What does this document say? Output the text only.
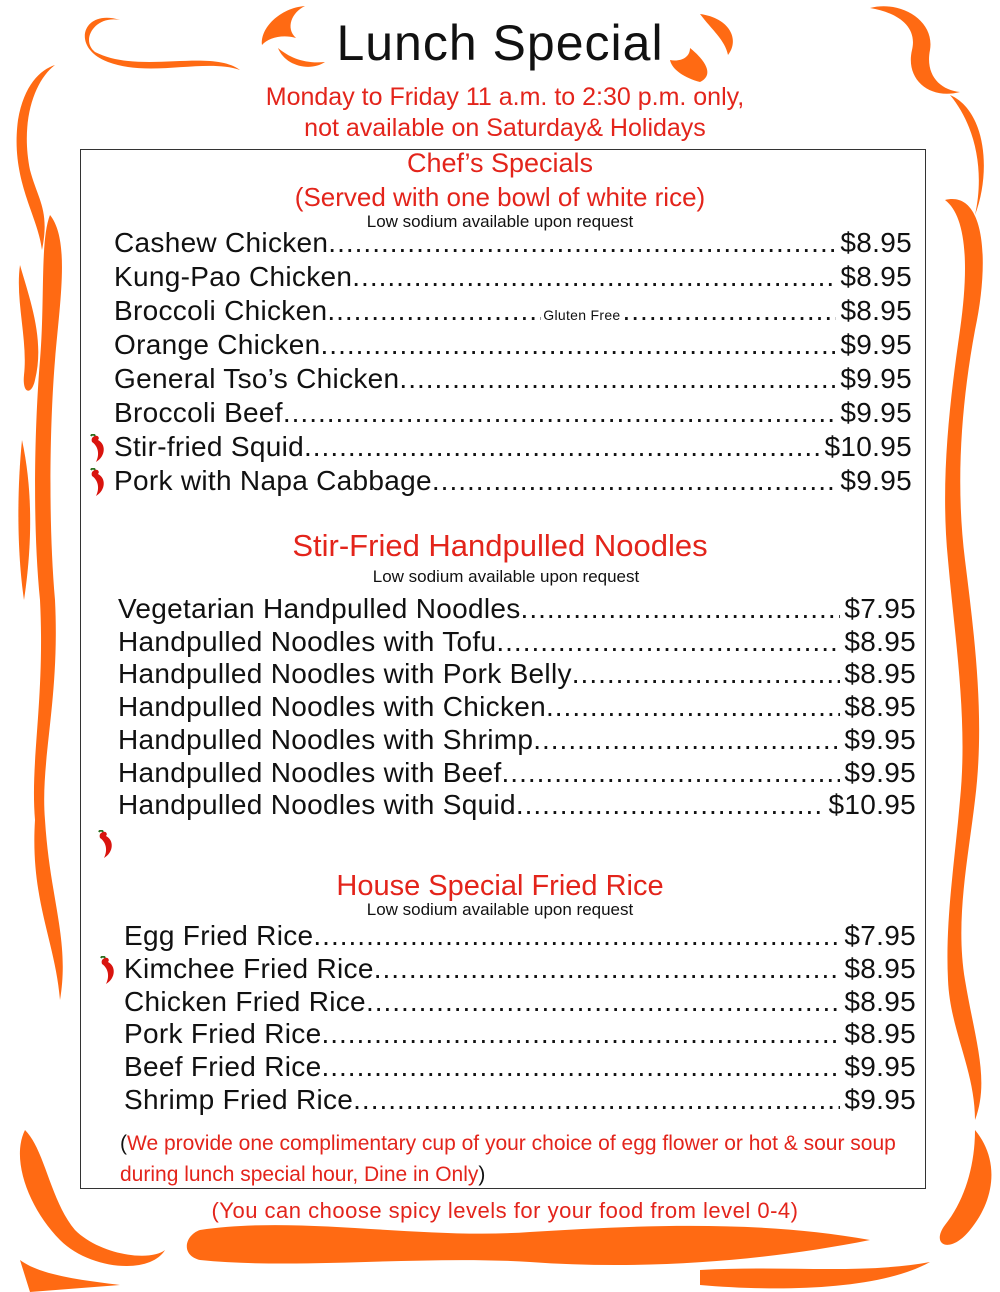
Lunch Special
Monday to Friday 11 a.m. to 2:30 p.m. only,
not available on Saturday& Holidays
Chef’s Specials
(Served with one bowl of white rice)
Low sodium available upon request
Cashew Chicken .....	$8.95
Kung-Pao Chicken .....	$8.95
Broccoli Chicken .....	Gluten Free .....	$8.95
Orange Chicken .....	$9.95
General Tso’s Chicken .....	$9.95
Broccoli Beef .....	$9.95
Stir-fried Squid .....	$10.95
Pork with Napa Cabbage .....	$9.95
Stir-Fried Handpulled Noodles
Low sodium available upon request
Vegetarian Handpulled Noodles .....	$7.95
Handpulled Noodles with Tofu .....	$8.95
Handpulled Noodles with Pork Belly .....	$8.95
Handpulled Noodles with Chicken .....	$8.95
Handpulled Noodles with Shrimp .....	$9.95
Handpulled Noodles with Beef .....	$9.95
Handpulled Noodles with Squid .....	$10.95
House Special Fried Rice
Low sodium available upon request
Egg Fried Rice .....	$7.95
Kimchee Fried Rice .....	$8.95
Chicken Fried Rice .....	$8.95
Pork Fried Rice .....	$8.95
Beef Fried Rice .....	$9.95
Shrimp Fried Rice .....	$9.95
(We provide one complimentary cup of your choice of egg flower or hot & sour soup during lunch special hour, Dine in Only)
(You can choose spicy levels for your food from level 0-4)
